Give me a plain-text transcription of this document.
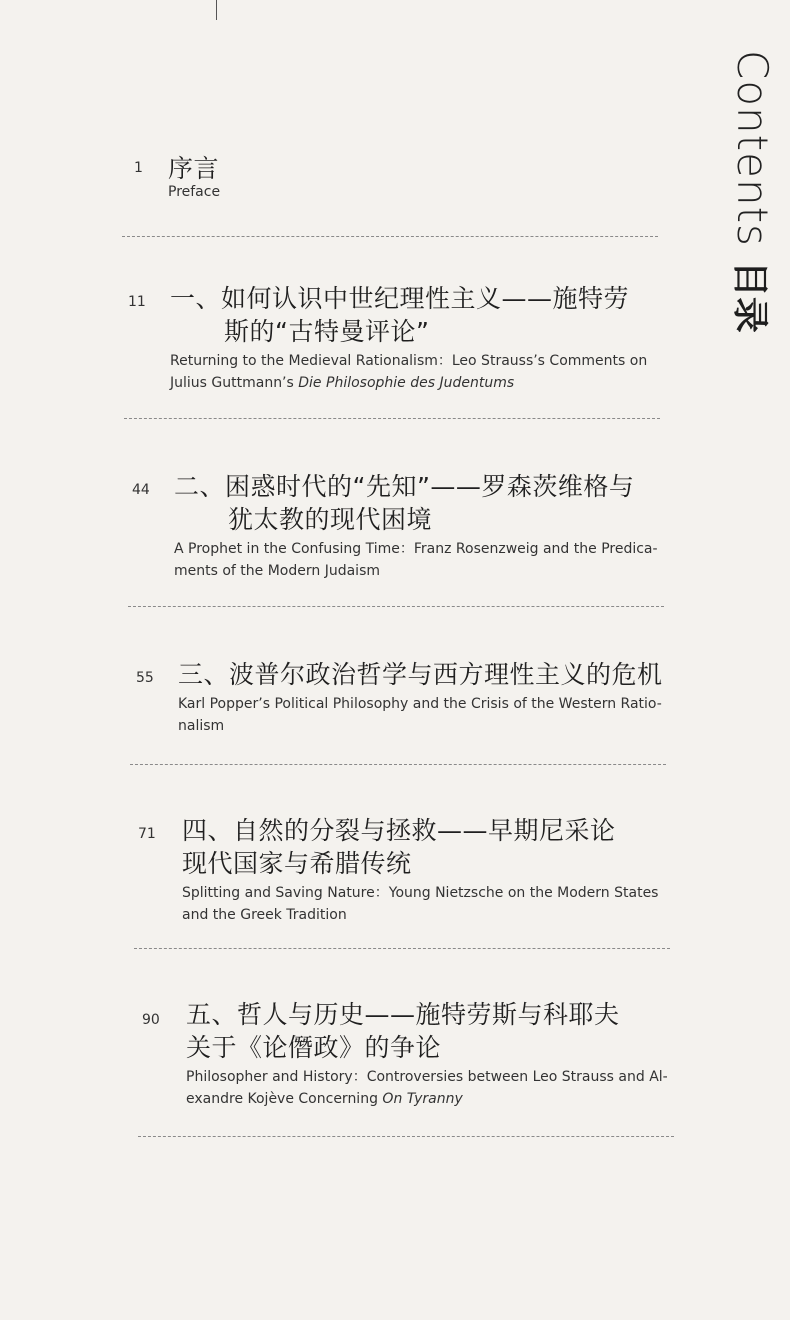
Contents
目录
1 序言
Preface
11 一、如何认识中世纪理性主义——施特劳
斯的“古特曼评论”
Returning to the Medieval Rationalism：Leo Strauss’s Comments on
Julius Guttmann’s Die Philosophie des Judentums
44 二、困惑时代的“先知”——罗森茨维格与
犹太教的现代困境
A Prophet in the Confusing Time：Franz Rosenzweig and the Predica-
ments of the Modern Judaism
55 三、波普尔政治哲学与西方理性主义的危机
Karl Popper’s Political Philosophy and the Crisis of the Western Ratio-
nalism
71 四、自然的分裂与拯救——早期尼采论
现代国家与希腊传统
Splitting and Saving Nature：Young Nietzsche on the Modern States
and the Greek Tradition
90 五、哲人与历史——施特劳斯与科耶夫
关于《论僭政》的争论
Philosopher and History：Controversies between Leo Strauss and Al-
exandre Kojève Concerning On Tyranny
